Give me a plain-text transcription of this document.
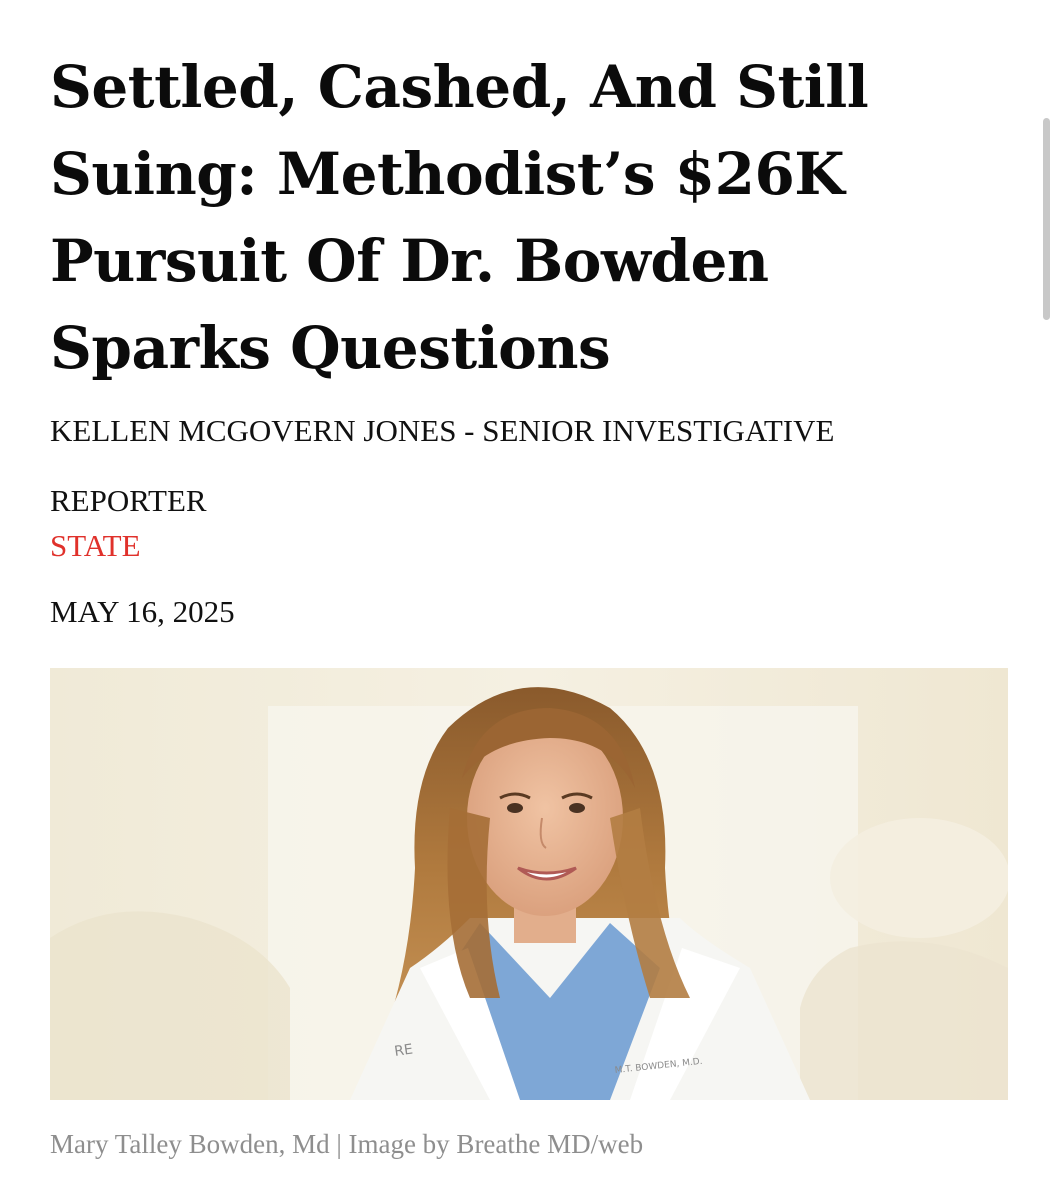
Settled, Cashed, And Still Suing: Methodist’s $26K Pursuit Of Dr. Bowden Sparks Questions
KELLEN MCGOVERN JONES - SENIOR INVESTIGATIVE REPORTER
STATE
MAY 16, 2025
RE
M.T. BOWDEN, M.D.
Mary Talley Bowden, Md | Image by Breathe MD/web
